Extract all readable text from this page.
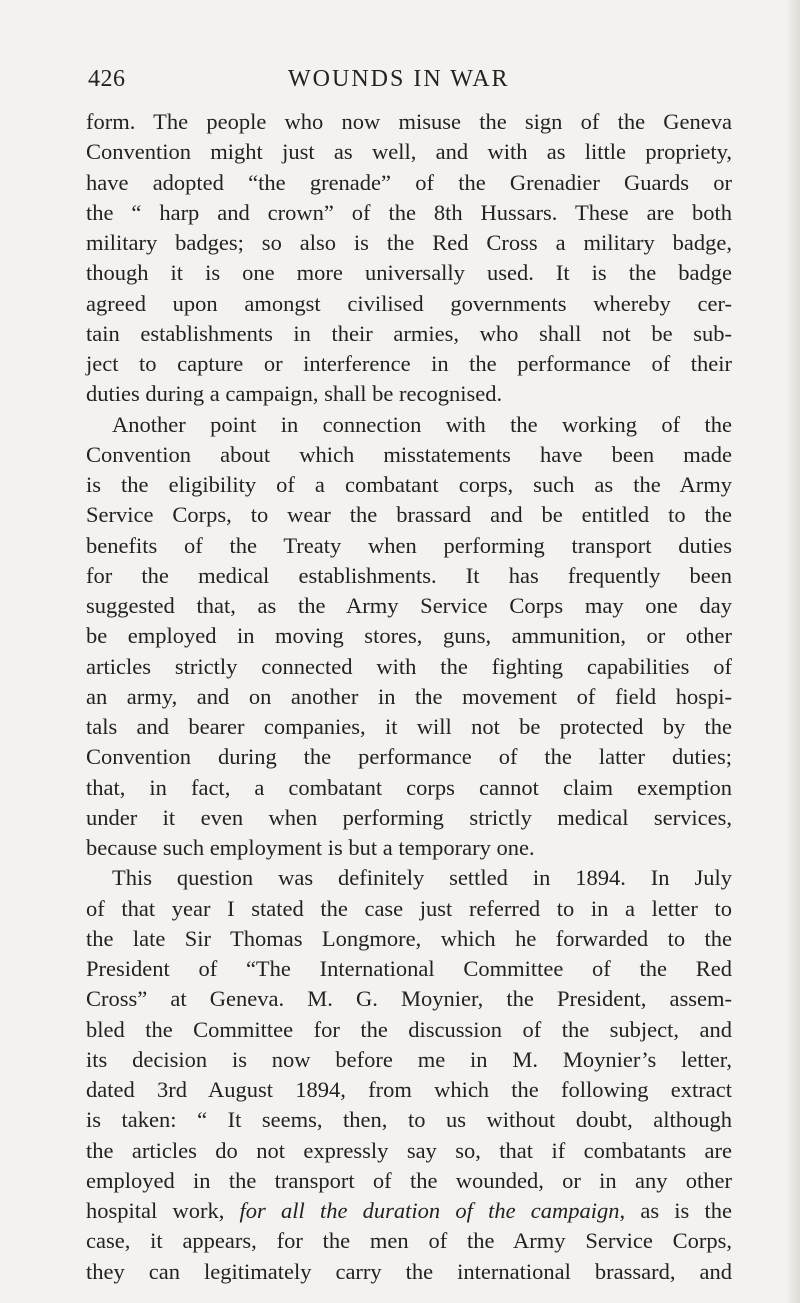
426	WOUNDS IN WAR
form. The people who now misuse the sign of the Geneva
Convention might just as well, and with as little propriety,
have adopted “the grenade” of the Grenadier Guards or
the “ harp and crown” of the 8th Hussars. These are both
military badges; so also is the Red Cross a military badge,
though it is one more universally used. It is the badge
agreed upon amongst civilised governments whereby cer-
tain establishments in their armies, who shall not be sub-
ject to capture or interference in the performance of their
duties during a campaign, shall be recognised.
Another point in connection with the working of the
Convention about which misstatements have been made
is the eligibility of a combatant corps, such as the Army
Service Corps, to wear the brassard and be entitled to the
benefits of the Treaty when performing transport duties
for the medical establishments. It has frequently been
suggested that, as the Army Service Corps may one day
be employed in moving stores, guns, ammunition, or other
articles strictly connected with the fighting capabilities of
an army, and on another in the movement of field hospi-
tals and bearer companies, it will not be protected by the
Convention during the performance of the latter duties;
that, in fact, a combatant corps cannot claim exemption
under it even when performing strictly medical services,
because such employment is but a temporary one.
This question was definitely settled in 1894. In July
of that year I stated the case just referred to in a letter to
the late Sir Thomas Longmore, which he forwarded to the
President of “The International Committee of the Red
Cross” at Geneva. M. G. Moynier, the President, assem-
bled the Committee for the discussion of the subject, and
its decision is now before me in M. Moynier’s letter,
dated 3rd August 1894, from which the following extract
is taken: “ It seems, then, to us without doubt, although
the articles do not expressly say so, that if combatants are
employed in the transport of the wounded, or in any other
hospital work, for all the duration of the campaign, as is the
case, it appears, for the men of the Army Service Corps,
they can legitimately carry the international brassard, and
